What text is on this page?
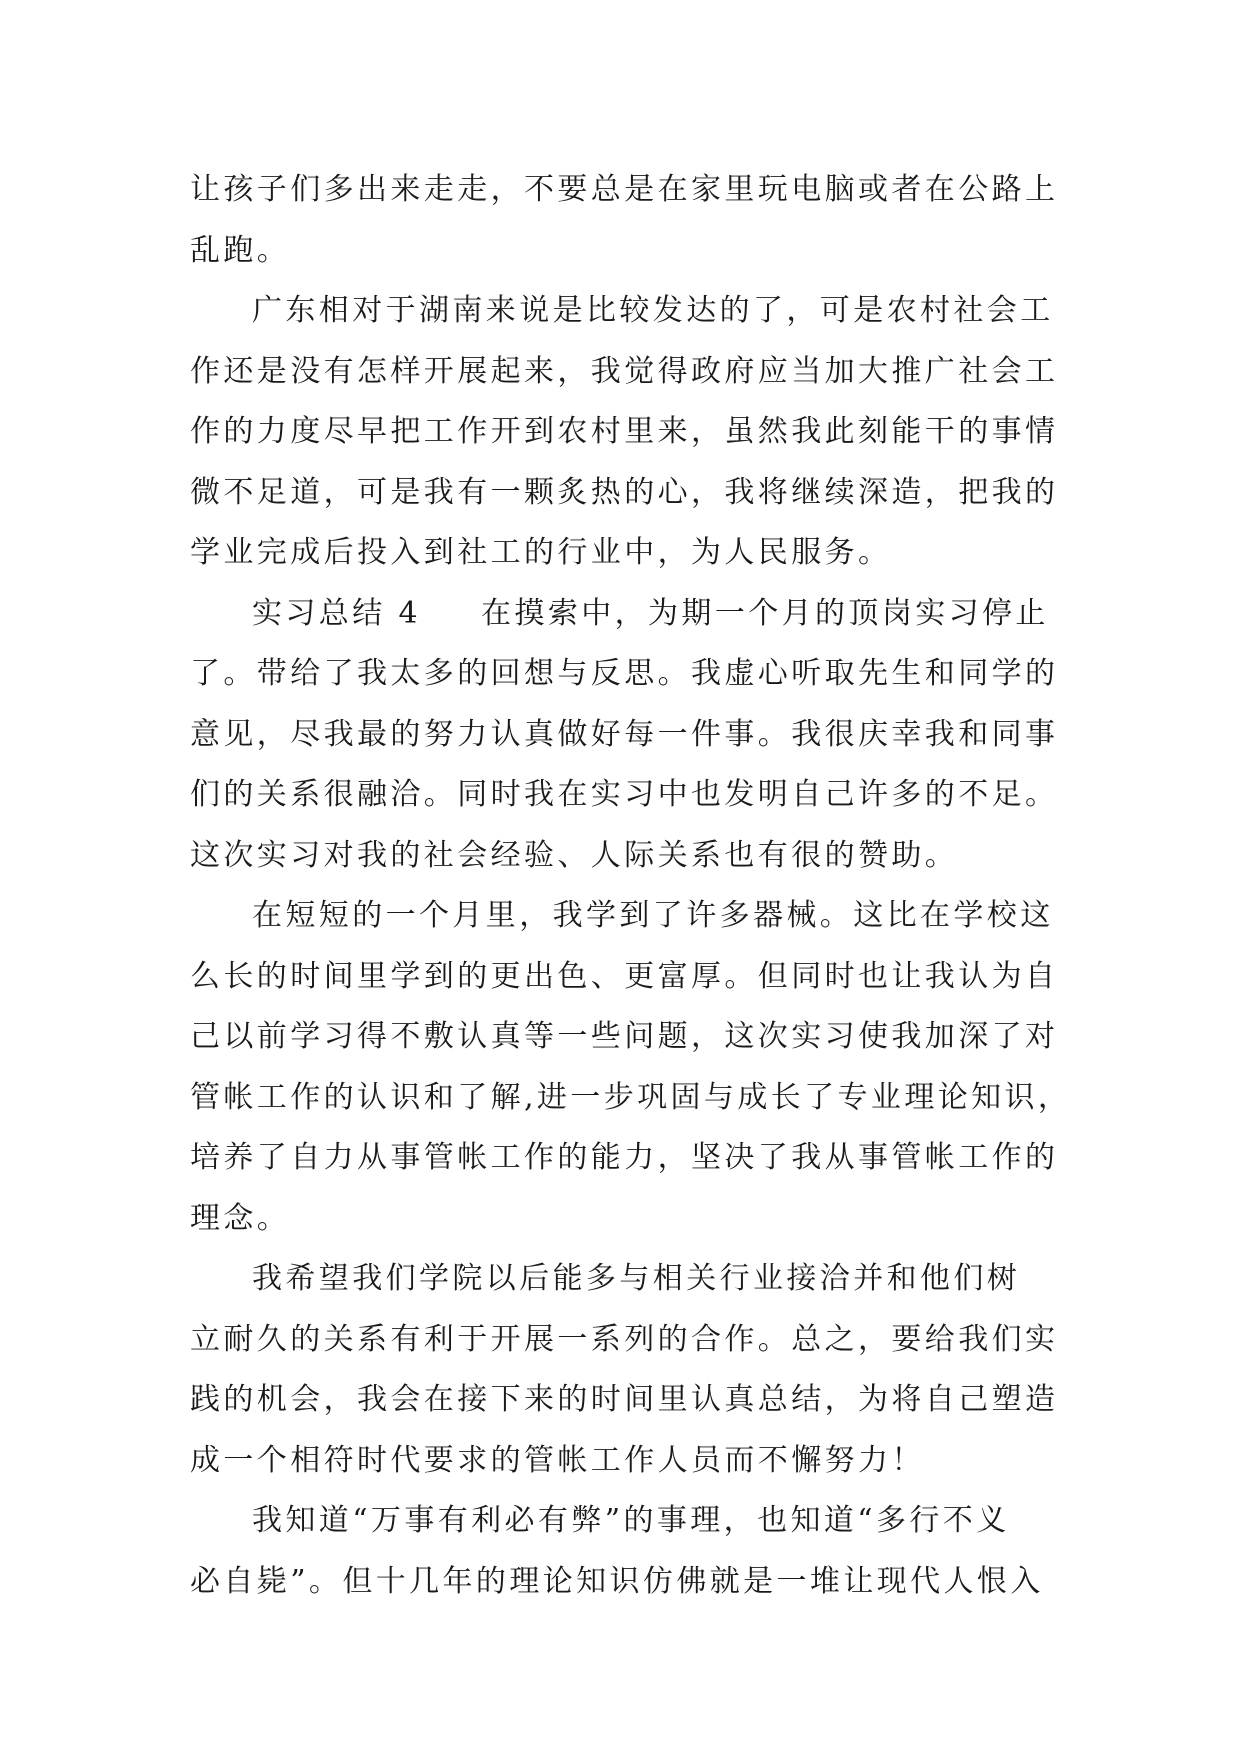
让孩子们多出来走走，不要总是在家里玩电脑或者在公路上
乱跑。
广东相对于湖南来说是比较发达的了，可是农村社会工
作还是没有怎样开展起来，我觉得政府应当加大推广社会工
作的力度尽早把工作开到农村里来，虽然我此刻能干的事情
微不足道，可是我有一颗炙热的心，我将继续深造，把我的
学业完成后投入到社工的行业中，为人民服务。
实习总结 4 在摸索中，为期一个月的顶岗实习停止
了。带给了我太多的回想与反思。我虚心听取先生和同学的
意见，尽我最的努力认真做好每一件事。我很庆幸我和同事
们的关系很融洽。同时我在实习中也发明自己许多的不足。
这次实习对我的社会经验、人际关系也有很的赞助。
在短短的一个月里，我学到了许多器械。这比在学校这
么长的时间里学到的更出色、更富厚。但同时也让我认为自
己以前学习得不敷认真等一些问题，这次实习使我加深了对
管帐工作的认识和了解,进一步巩固与成长了专业理论知识，
培养了自力从事管帐工作的能力，坚决了我从事管帐工作的
理念。
我希望我们学院以后能多与相关行业接洽并和他们树
立耐久的关系有利于开展一系列的合作。总之，要给我们实
践的机会，我会在接下来的时间里认真总结，为将自己塑造
成一个相符时代要求的管帐工作人员而不懈努力！
我知道“万事有利必有弊”的事理，也知道“多行不义
必自毙”。但十几年的理论知识仿佛就是一堆让现代人恨入
